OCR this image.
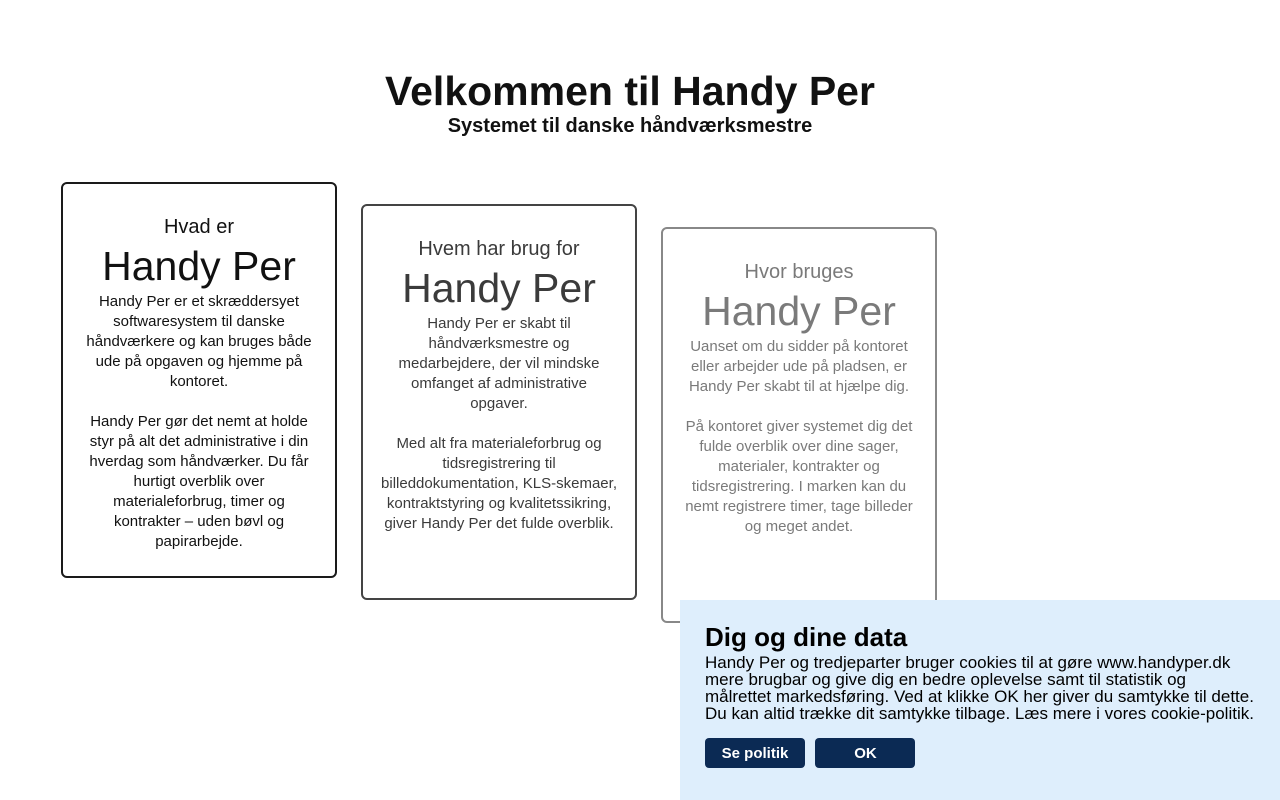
Velkommen til Handy Per
Systemet til danske håndværksmestre

Hvad er

Handy Per

Handy Per er et skræddersyet softwaresystem til danske håndværkere og kan bruges både ude på opgaven og hjemme på kontoret.

Handy Per gør det nemt at holde styr på alt det administrative i din hverdag som håndværker. Du får hurtigt overblik over materialeforbrug, timer og kontrakter – uden bøvl og papirarbejde.

Hvem har brug for

Handy Per

Handy Per er skabt til håndværksmestre og medarbejdere, der vil mindske omfanget af administrative opgaver.

Med alt fra materialeforbrug og tidsregistrering til billeddokumentation, KLS-skemaer, kontraktstyring og kvalitetssikring, giver Handy Per det fulde overblik.

Hvor bruges

Handy Per

Uanset om du sidder på kontoret eller arbejder ude på pladsen, er Handy Per skabt til at hjælpe dig.

På kontoret giver systemet dig det fulde overblik over dine sager, materialer, kontrakter og tidsregistrering. I marken kan du nemt registrere timer, tage billeder og meget andet.

Dig og dine data

Handy Per og tredjeparter bruger cookies til at gøre www.handyper.dk mere brugbar og give dig en bedre oplevelse samt til statistik og målrettet markedsføring. Ved at klikke OK her giver du samtykke til dette. Du kan altid trække dit samtykke tilbage. Læs mere i vores cookie-politik.

Se politik	OK
